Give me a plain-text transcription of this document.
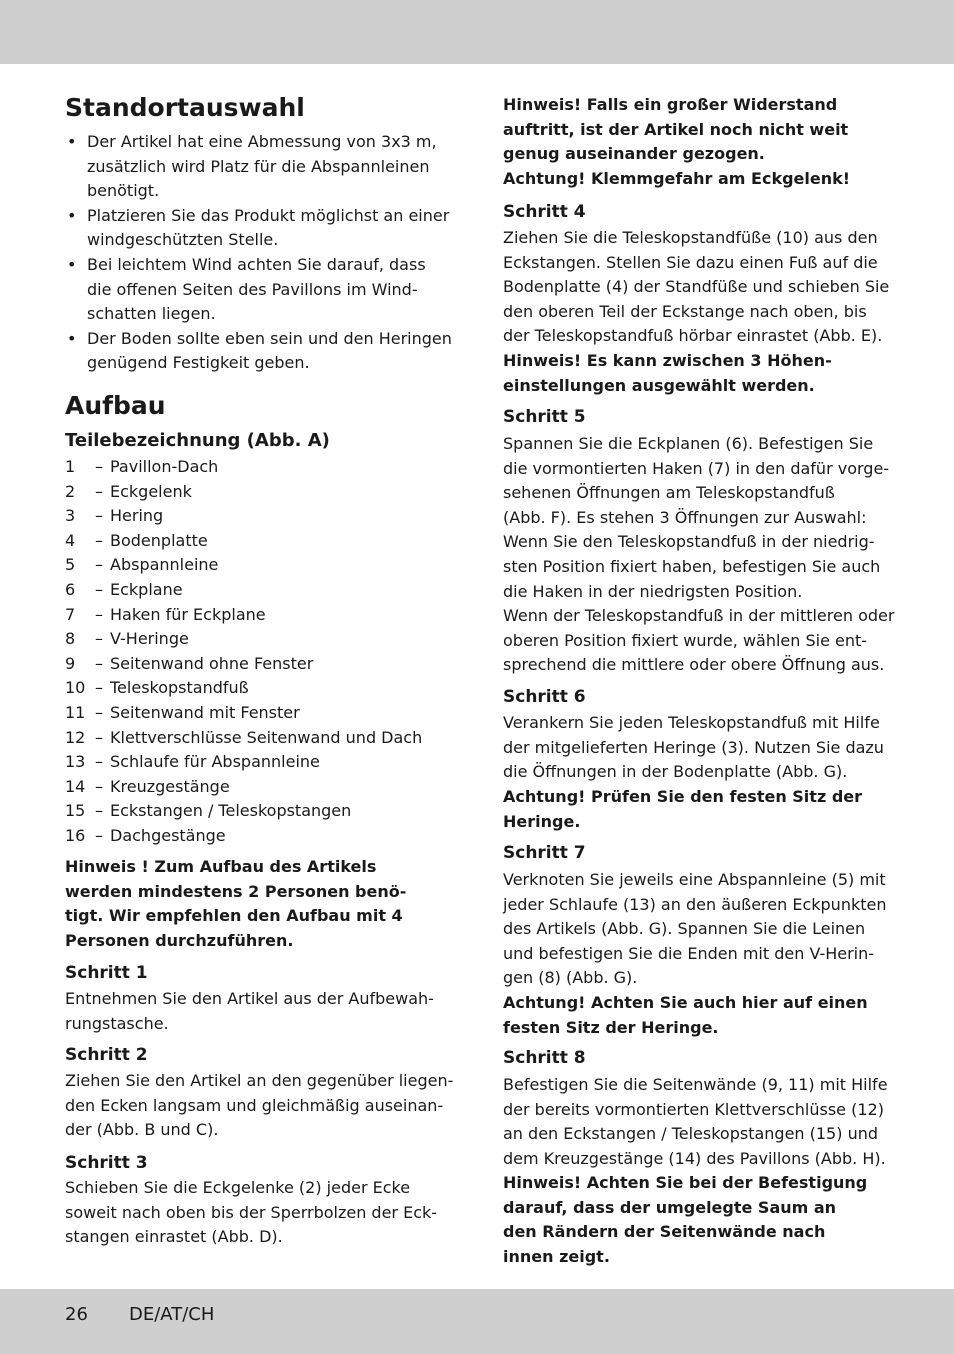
Standortauswahl
• Der Artikel hat eine Abmessung von 3x3 m,
zusätzlich wird Platz für die Abspannleinen
benötigt.
• Platzieren Sie das Produkt möglichst an einer
windgeschützten Stelle.
• Bei leichtem Wind achten Sie darauf, dass
die offenen Seiten des Pavillons im Wind-
schatten liegen.
• Der Boden sollte eben sein und den Heringen
genügend Festigkeit geben.
Aufbau
Teilebezeichnung (Abb. A)
1 – Pavillon-Dach
2 – Eckgelenk
3 – Hering
4 – Bodenplatte
5 – Abspannleine
6 – Eckplane
7 – Haken für Eckplane
8 – V-Heringe
9 – Seitenwand ohne Fenster
10 – Teleskopstandfuß
11 – Seitenwand mit Fenster
12 – Klettverschlüsse Seitenwand und Dach
13 – Schlaufe für Abspannleine
14 – Kreuzgestänge
15 – Eckstangen / Teleskopstangen
16 – Dachgestänge
Hinweis ! Zum Aufbau des Artikels
werden mindestens 2 Personen benö-
tigt. Wir empfehlen den Aufbau mit 4
Personen durchzuführen.
Schritt 1
Entnehmen Sie den Artikel aus der Aufbewah-
rungstasche.
Schritt 2
Ziehen Sie den Artikel an den gegenüber liegen-
den Ecken langsam und gleichmäßig auseinan-
der (Abb. B und C).
Schritt 3
Schieben Sie die Eckgelenke (2) jeder Ecke
soweit nach oben bis der Sperrbolzen der Eck-
stangen einrastet (Abb. D).
Hinweis! Falls ein großer Widerstand
auftritt, ist der Artikel noch nicht weit
genug auseinander gezogen.
Achtung! Klemmgefahr am Eckgelenk!
Schritt 4
Ziehen Sie die Teleskopstandfüße (10) aus den
Eckstangen. Stellen Sie dazu einen Fuß auf die
Bodenplatte (4) der Standfüße und schieben Sie
den oberen Teil der Eckstange nach oben, bis
der Teleskopstandfuß hörbar einrastet (Abb. E).
Hinweis! Es kann zwischen 3 Höhen-
einstellungen ausgewählt werden.
Schritt 5
Spannen Sie die Eckplanen (6). Befestigen Sie
die vormontierten Haken (7) in den dafür vorge-
sehenen Öffnungen am Teleskopstandfuß
(Abb. F). Es stehen 3 Öffnungen zur Auswahl:
Wenn Sie den Teleskopstandfuß in der niedrig-
sten Position fixiert haben, befestigen Sie auch
die Haken in der niedrigsten Position.
Wenn der Teleskopstandfuß in der mittleren oder
oberen Position fixiert wurde, wählen Sie ent-
sprechend die mittlere oder obere Öffnung aus.
Schritt 6
Verankern Sie jeden Teleskopstandfuß mit Hilfe
der mitgelieferten Heringe (3). Nutzen Sie dazu
die Öffnungen in der Bodenplatte (Abb. G).
Achtung! Prüfen Sie den festen Sitz der
Heringe.
Schritt 7
Verknoten Sie jeweils eine Abspannleine (5) mit
jeder Schlaufe (13) an den äußeren Eckpunkten
des Artikels (Abb. G). Spannen Sie die Leinen
und befestigen Sie die Enden mit den V-Herin-
gen (8) (Abb. G).
Achtung! Achten Sie auch hier auf einen
festen Sitz der Heringe.
Schritt 8
Befestigen Sie die Seitenwände (9, 11) mit Hilfe
der bereits vormontierten Klettverschlüsse (12)
an den Eckstangen / Teleskopstangen (15) und
dem Kreuzgestänge (14) des Pavillons (Abb. H).
Hinweis! Achten Sie bei der Befestigung
darauf, dass der umgelegte Saum an
den Rändern der Seitenwände nach
innen zeigt.
26 DE/AT/CH
